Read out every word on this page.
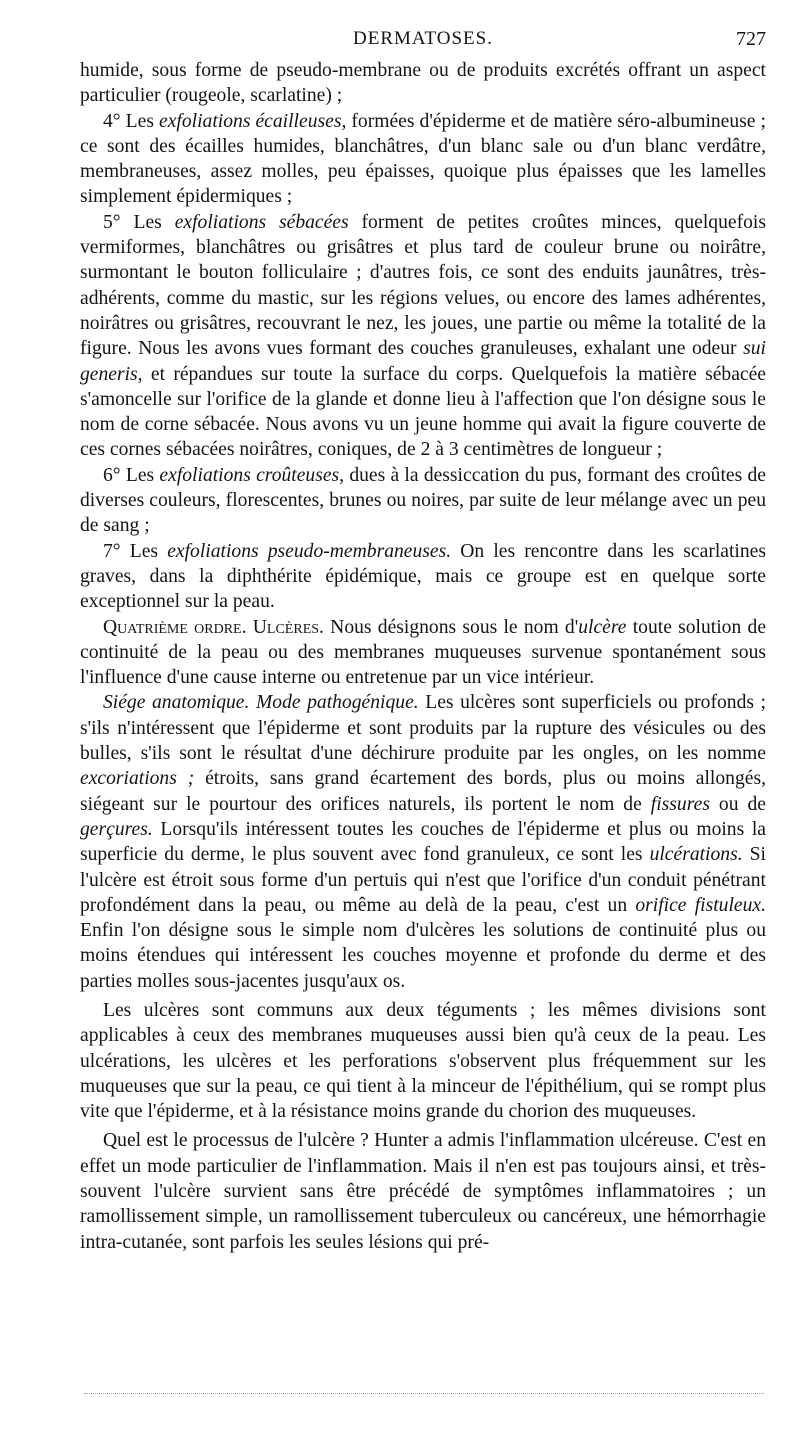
DERMATOSES.	727

humide, sous forme de pseudo-membrane ou de produits excrétés offrant un aspect particulier (rougeole, scarlatine) ;

4° Les exfoliations écailleuses, formées d'épiderme et de matière séro-albumineuse ; ce sont des écailles humides, blanchâtres, d'un blanc sale ou d'un blanc verdâtre, membraneuses, assez molles, peu épaisses, quoique plus épaisses que les lamelles simplement épidermiques ;

5° Les exfoliations sébacées forment de petites croûtes minces, quelquefois vermiformes, blanchâtres ou grisâtres et plus tard de couleur brune ou noirâtre, surmontant le bouton folliculaire ; d'autres fois, ce sont des enduits jaunâtres, très-adhérents, comme du mastic, sur les régions velues, ou encore des lames adhérentes, noirâtres ou grisâtres, recouvrant le nez, les joues, une partie ou même la totalité de la figure. Nous les avons vues formant des couches granuleuses, exhalant une odeur sui generis, et répandues sur toute la surface du corps. Quelquefois la matière sébacée s'amoncelle sur l'orifice de la glande et donne lieu à l'affection que l'on désigne sous le nom de corne sébacée. Nous avons vu un jeune homme qui avait la figure couverte de ces cornes sébacées noirâtres, coniques, de 2 à 3 centimètres de longueur ;

6° Les exfoliations croûteuses, dues à la dessiccation du pus, formant des croûtes de diverses couleurs, florescentes, brunes ou noires, par suite de leur mélange avec un peu de sang ;

7° Les exfoliations pseudo-membraneuses. On les rencontre dans les scarlatines graves, dans la diphthérite épidémique, mais ce groupe est en quelque sorte exceptionnel sur la peau.

Quatrième ordre. Ulcères. Nous désignons sous le nom d'ulcère toute solution de continuité de la peau ou des membranes muqueuses survenue spontanément sous l'influence d'une cause interne ou entretenue par un vice intérieur.

Siége anatomique. Mode pathogénique. Les ulcères sont superficiels ou profonds ; s'ils n'intéressent que l'épiderme et sont produits par la rupture des vésicules ou des bulles, s'ils sont le résultat d'une déchirure produite par les ongles, on les nomme excoriations ; étroits, sans grand écartement des bords, plus ou moins allongés, siégeant sur le pourtour des orifices naturels, ils portent le nom de fissures ou de gerçures. Lorsqu'ils intéressent toutes les couches de l'épiderme et plus ou moins la superficie du derme, le plus souvent avec fond granuleux, ce sont les ulcérations. Si l'ulcère est étroit sous forme d'un pertuis qui n'est que l'orifice d'un conduit pénétrant profondément dans la peau, ou même au delà de la peau, c'est un orifice fistuleux. Enfin l'on désigne sous le simple nom d'ulcères les solutions de continuité plus ou moins étendues qui intéressent les couches moyenne et profonde du derme et des parties molles sous-jacentes jusqu'aux os.

Les ulcères sont communs aux deux téguments ; les mêmes divisions sont applicables à ceux des membranes muqueuses aussi bien qu'à ceux de la peau. Les ulcérations, les ulcères et les perforations s'observent plus fréquemment sur les muqueuses que sur la peau, ce qui tient à la minceur de l'épithélium, qui se rompt plus vite que l'épiderme, et à la résistance moins grande du chorion des muqueuses.

Quel est le processus de l'ulcère ? Hunter a admis l'inflammation ulcéreuse. C'est en effet un mode particulier de l'inflammation. Mais il n'en est pas toujours ainsi, et très-souvent l'ulcère survient sans être précédé de symptômes inflammatoires ; un ramollissement simple, un ramollissement tuberculeux ou cancéreux, une hémorrhagie intra-cutanée, sont parfois les seules lésions qui pré-
